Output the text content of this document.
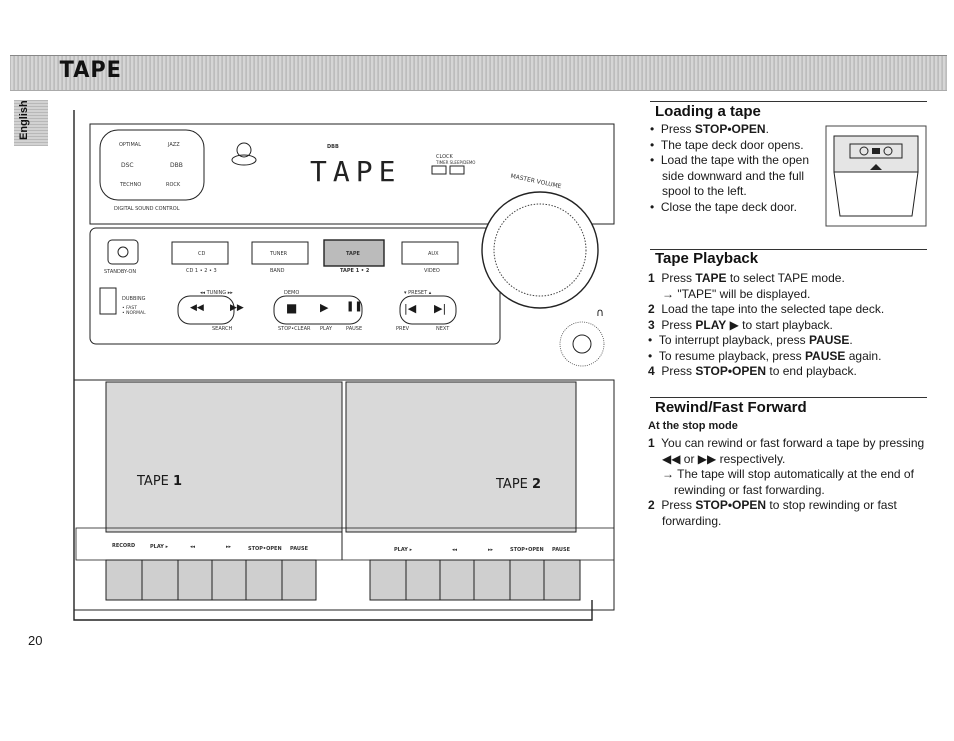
TAPE
English
OPTIMAL	JAZZ
DSC	DBB
TECHNO	ROCK
DIGITAL SOUND CONTROL
DBB
TAPE	CLOCK
TIMER SLEEP/DEMO
MASTER VOLUME
STANDBY-ON
CD
CD 1 • 2 • 3
TUNER
BAND
TAPE
TAPE 1 • 2
AUX
VIDEO
DUBBING
• FAST
• NORMAL
◂◂ TUNING ▸▸	DEMO	▾ PRESET ▴
◀◀	▶▶	■ ▶ ❚❚	|◀ ▶|
SEARCH	STOP•CLEAR PLAY	PAUSE	PREV	NEXT
∩
TAPE 1	TAPE 2
RECORD	PLAY ▸	◂◂	▸▸	STOP•OPEN PAUSE	PLAY ▸	◂◂	▸▸	STOP•OPEN PAUSE
Loading a tape
•  Press STOP•OPEN.
•  The tape deck door opens.
•  Load the tape with the open side downward and the full spool to the left.
•  Close the tape deck door.
Tape Playback
1 Press TAPE to select TAPE mode.
→ "TAPE" will be displayed.
2 Load the tape into the selected tape deck.
3 Press PLAY ▶ to start playback.
•  To interrupt playback, press PAUSE.
•  To resume playback, press PAUSE again.
4 Press STOP•OPEN to end playback.
Rewind/Fast Forward
At the stop mode
1 You can rewind or fast forward a tape by pressing ◀◀ or ▶▶ respectively.
→ The tape will stop automatically at the end of rewinding or fast forwarding.
2 Press STOP•OPEN to stop rewinding or fast forwarding.
20
